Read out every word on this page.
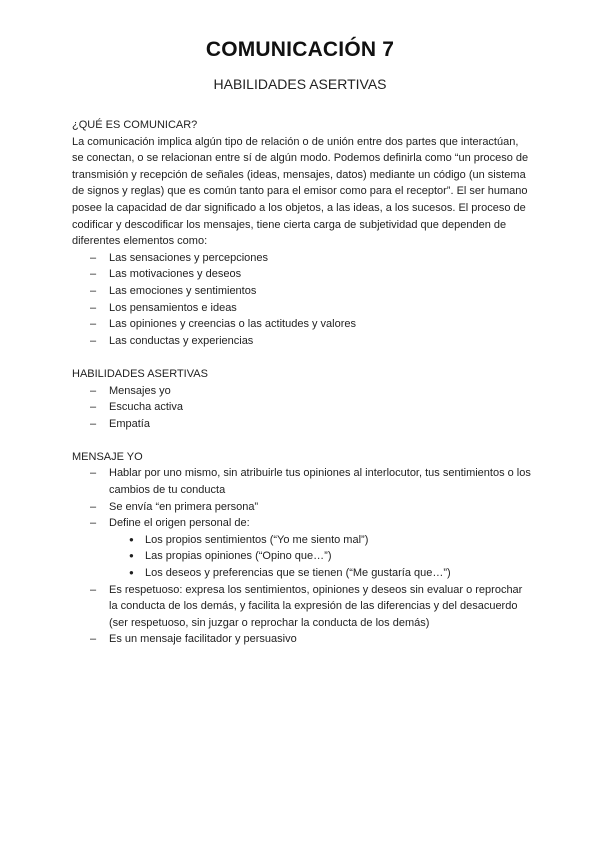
COMUNICACIÓN 7
HABILIDADES ASERTIVAS
¿QUÉ ES COMUNICAR?
La comunicación implica algún tipo de relación o de unión entre dos partes que interactúan, se conectan, o se relacionan entre sí de algún modo. Podemos definirla como “un proceso de transmisión y recepción de señales (ideas, mensajes, datos) mediante un código (un sistema de signos y reglas) que es común tanto para el emisor como para el receptor”. El ser humano posee la capacidad de dar significado a los objetos, a las ideas, a los sucesos. El proceso de codificar y descodificar los mensajes, tiene cierta carga de subjetividad que dependen de diferentes elementos como:
– Las sensaciones y percepciones
– Las motivaciones y deseos
– Las emociones y sentimientos
– Los pensamientos e ideas
– Las opiniones y creencias o las actitudes y valores
– Las conductas y experiencias
HABILIDADES ASERTIVAS
– Mensajes yo
– Escucha activa
– Empatía
MENSAJE YO
– Hablar por uno mismo, sin atribuirle tus opiniones al interlocutor, tus sentimientos o los cambios de tu conducta
– Se envía “en primera persona”
– Define el origen personal de:
● Los propios sentimientos (“Yo me siento mal”)
● Las propias opiniones (“Opino que…”)
● Los deseos y preferencias que se tienen (“Me gustaría que…”)
– Es respetuoso: expresa los sentimientos, opiniones y deseos sin evaluar o reprochar la conducta de los demás, y facilita la expresión de las diferencias y del desacuerdo (ser respetuoso, sin juzgar o reprochar la conducta de los demás)
– Es un mensaje facilitador y persuasivo
